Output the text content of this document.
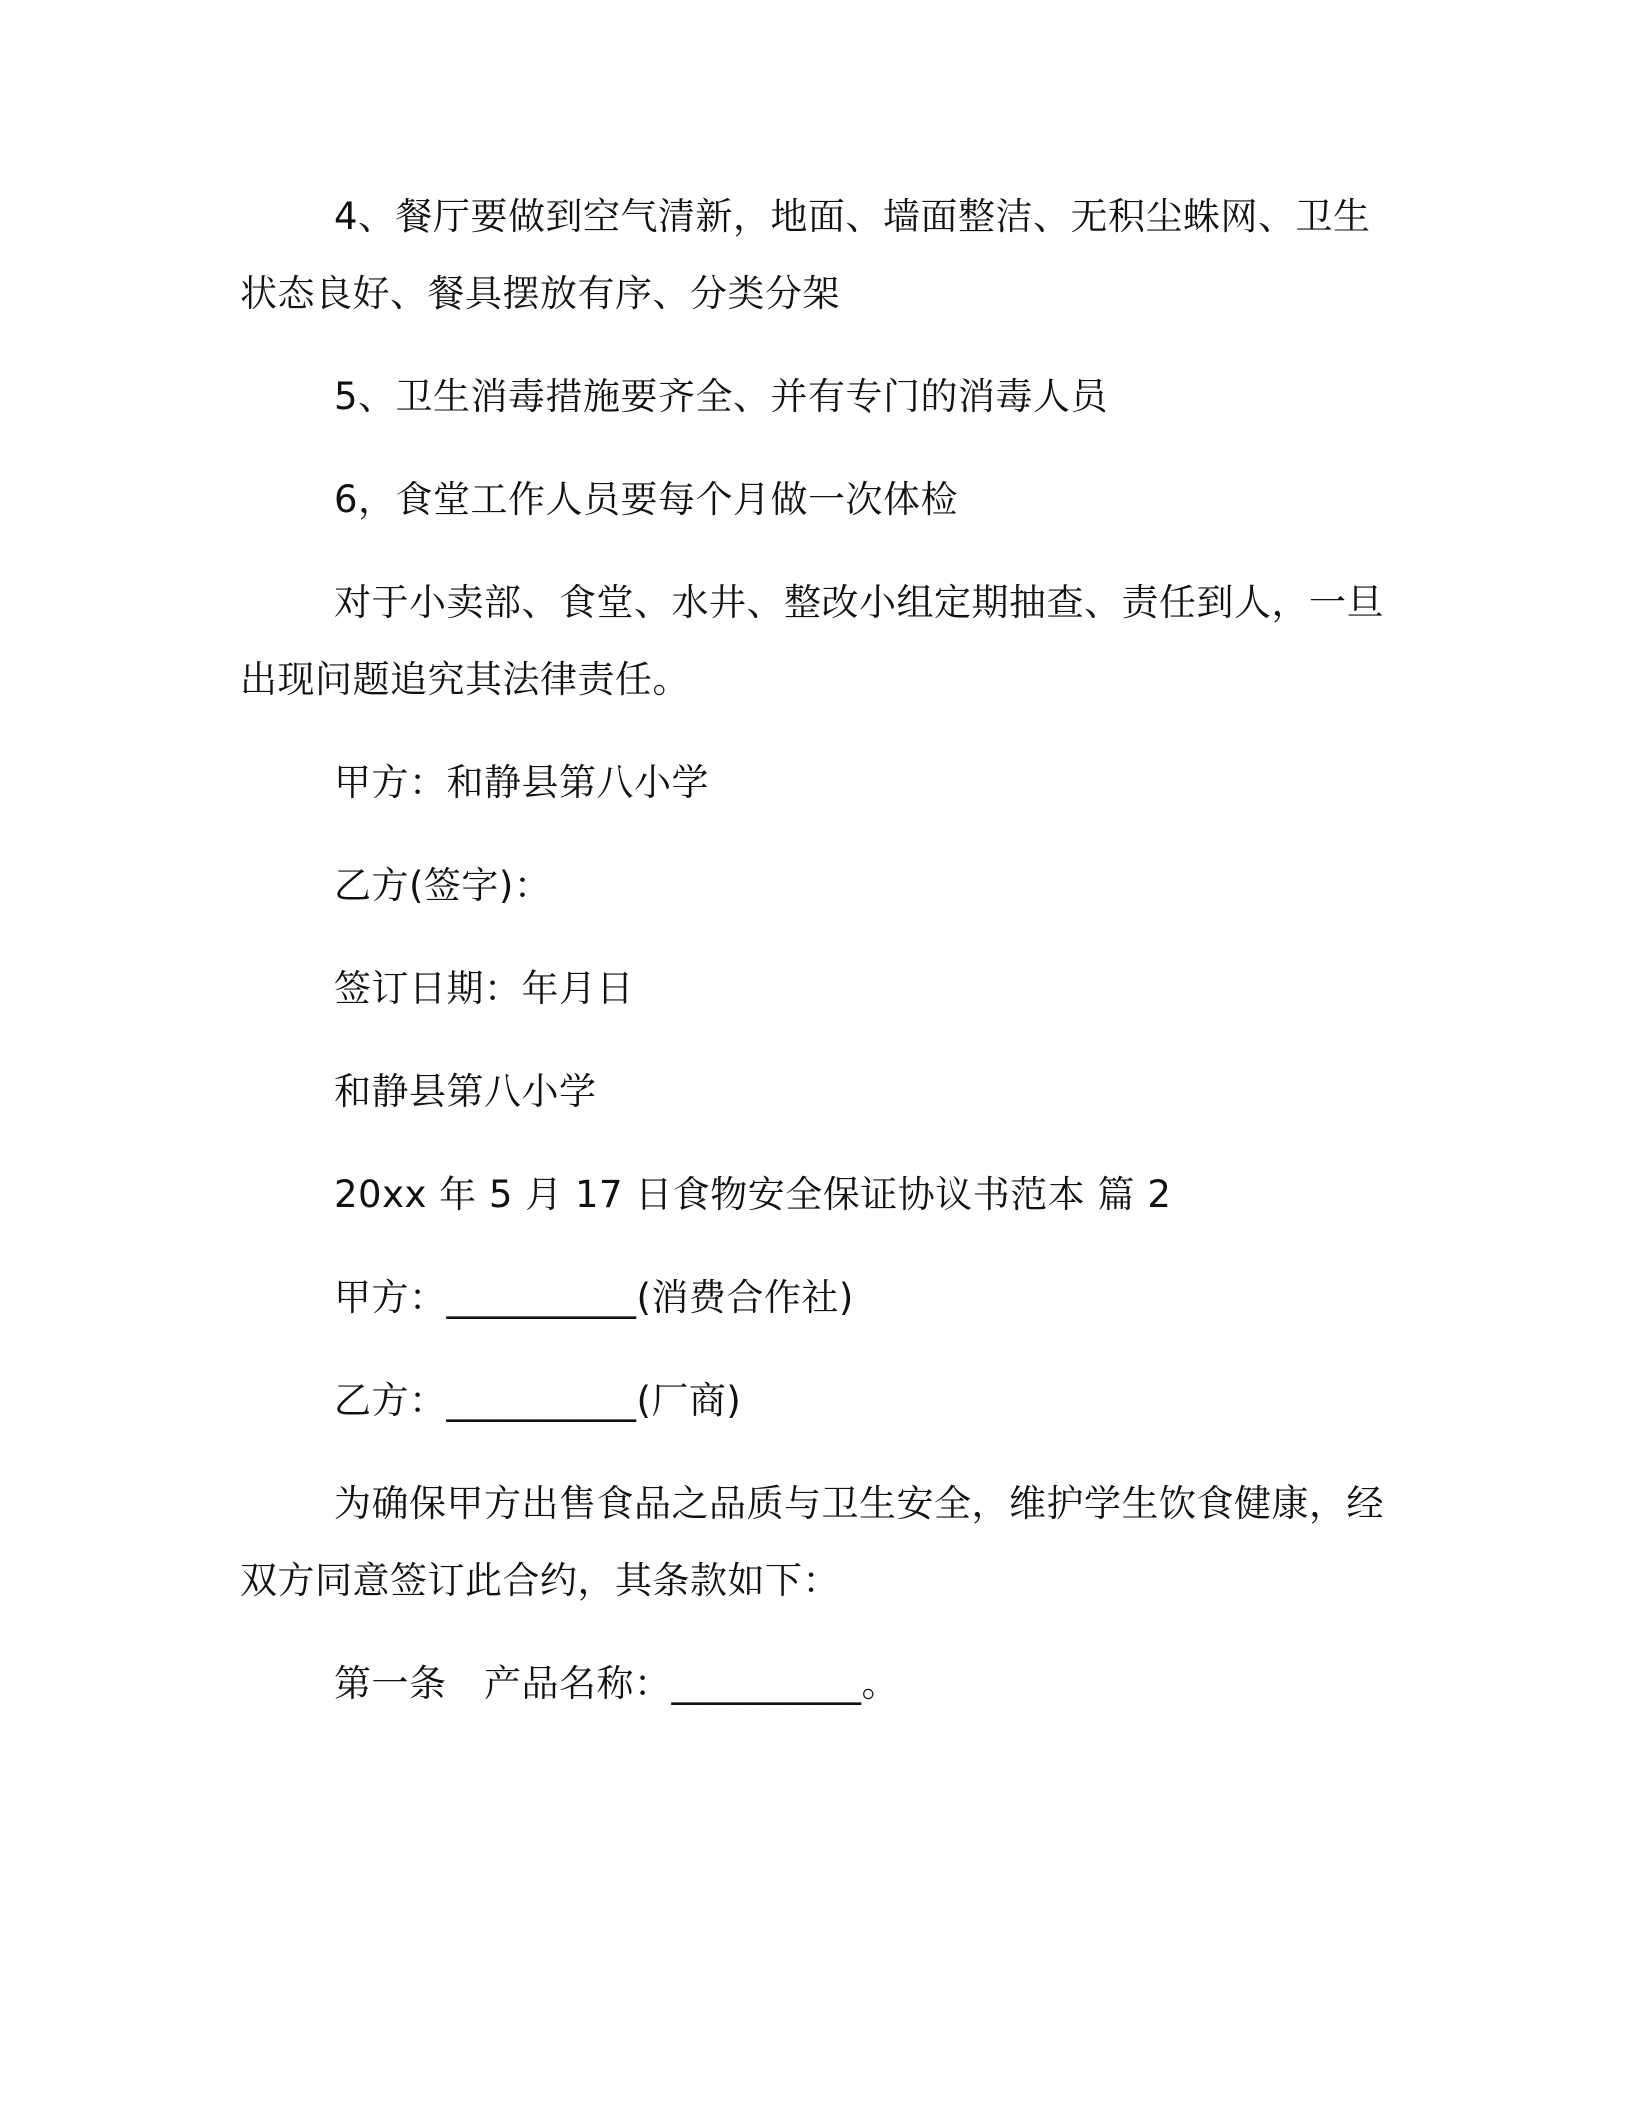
4、餐厅要做到空气清新，地面、墙面整洁、无积尘蛛网、卫生
状态良好、餐具摆放有序、分类分架

5、卫生消毒措施要齐全、并有专门的消毒人员

6，食堂工作人员要每个月做一次体检

对于小卖部、食堂、水井、整改小组定期抽查、责任到人，一旦
出现问题追究其法律责任。

甲方：和静县第八小学

乙方(签字)：

签订日期：年月日

和静县第八小学

20xx 年 5 月 17 日食物安全保证协议书范本 篇 2

甲方：__________(消费合作社)

乙方：__________(厂商)

为确保甲方出售食品之品质与卫生安全，维护学生饮食健康，经
双方同意签订此合约，其条款如下：

第一条　产品名称：__________。
